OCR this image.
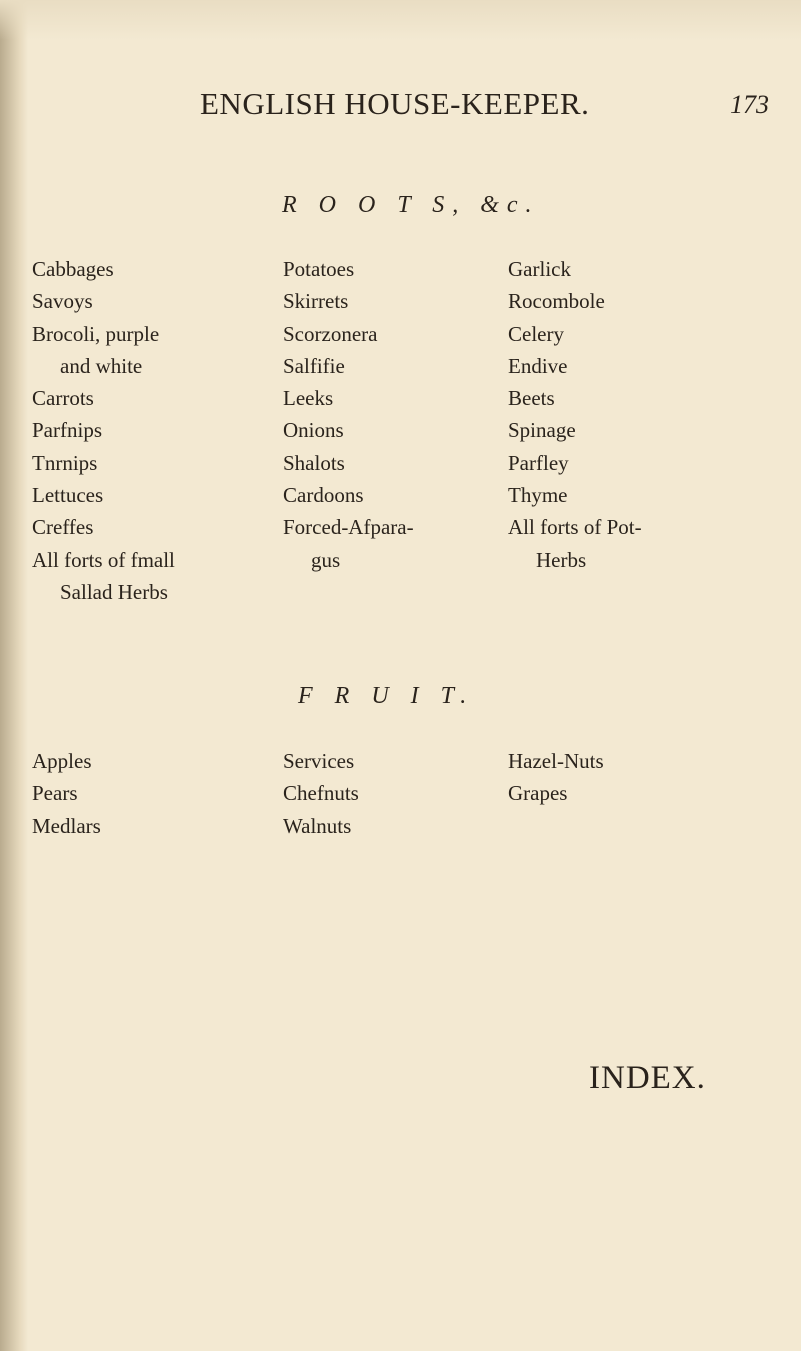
ENGLISH HOUSE-KEEPER.	173
R O O T S, &c.
Cabbages
Savoys
Brocoli, purple
and white
Carrots
Parfnips
Tnrnips
Lettuces
Creffes
All forts of fmall
Sallad Herbs
Potatoes
Skirrets
Scorzonera
Salfifie
Leeks
Onions
Shalots
Cardoons
Forced-Afpara-
gus
Garlick
Rocombole
Celery
Endive
Beets
Spinage
Parfley
Thyme
All forts of Pot-
Herbs
F R U I T.
Apples
Pears
Medlars
Services
Chefnuts
Walnuts
Hazel-Nuts
Grapes
INDEX.
